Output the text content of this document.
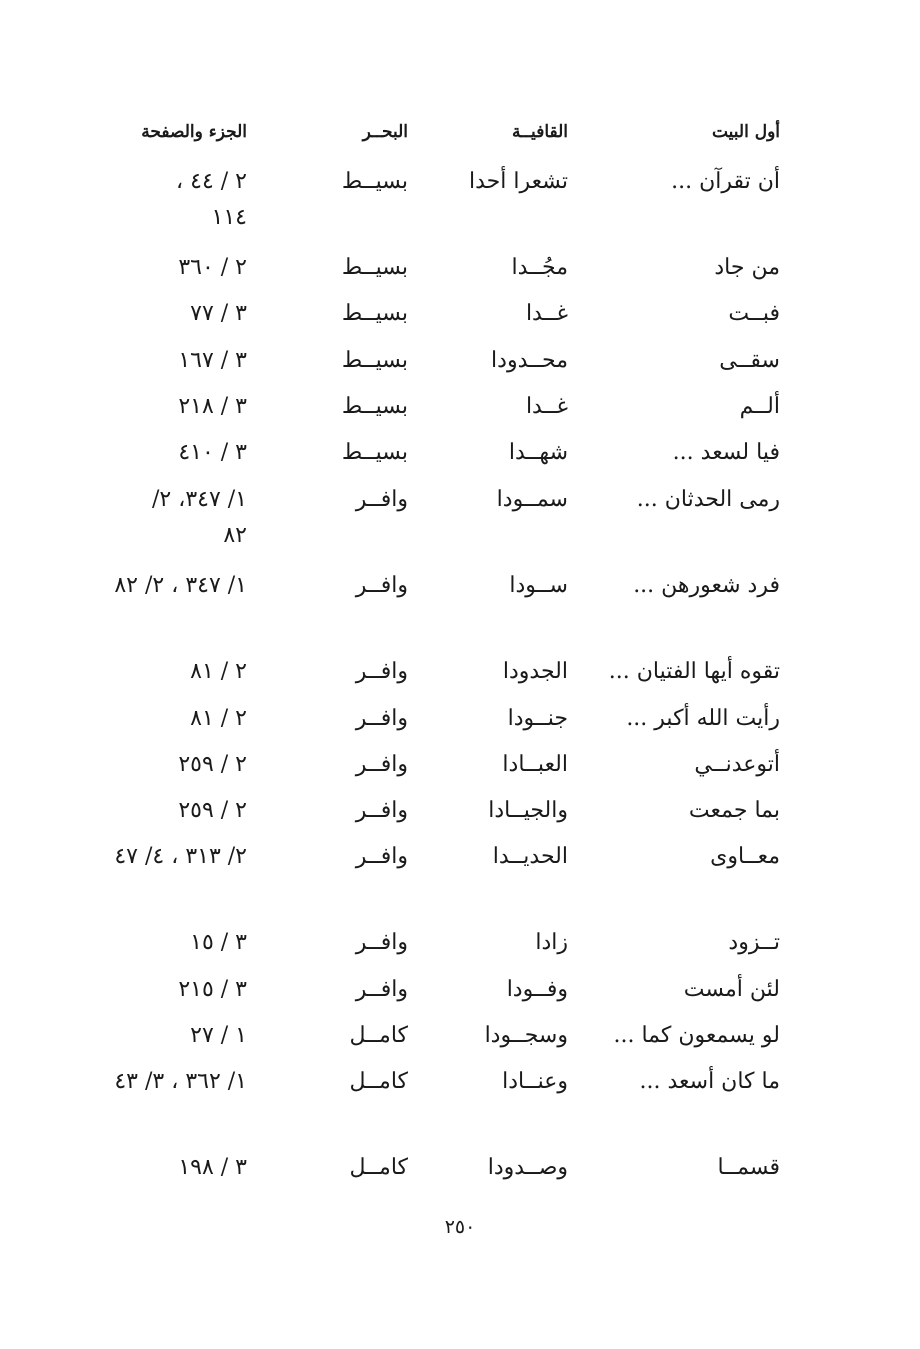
أول البيت
القافيــة
البحــر
الجزء والصفحة
أن تقرآن ...
تشعرا أحدا
بسيــط
٢ / ٤٤ ، ١١٤
من جاد
مجُــدا
بسيــط
٢ / ٣٦٠
فبــت
غــدا
بسيــط
٣ / ٧٧
سقــى
محــدودا
بسيــط
٣ / ١٦٧
ألــم
غــدا
بسيــط
٣ / ٢١٨
فيا لسعد ...
شهــدا
بسيــط
٣ / ٤١٠
رمى الحدثان ...
سمــودا
وافــر
١/ ٣٤٧، ٢/ ٨٢
فرد شعورهن ...
ســودا
وافــر
١/ ٣٤٧ ، ٢/ ٨٢
تقوه أيها الفتيان ...
الجدودا
وافــر
٢ / ٨١
رأيت الله أكبر ...
جنــودا
وافــر
٢ / ٨١
أتوعدنــي
العبــادا
وافــر
٢ / ٢٥٩
بما جمعت
والجيــادا
وافــر
٢ / ٢٥٩
معــاوى
الحديــدا
وافــر
٢/ ٣١٣ ، ٤/ ٤٧
تــزود
زادا
وافــر
٣ / ١٥
لئن أمست
وفــودا
وافــر
٣ / ٢١٥
لو يسمعون كما ...
وسجــودا
كامــل
١ / ٢٧
ما كان أسعد ...
وعنــادا
كامــل
١/ ٣٦٢ ، ٣/ ٤٣
قسمــا
وصــدودا
كامــل
٣ / ١٩٨
٢٥٠
